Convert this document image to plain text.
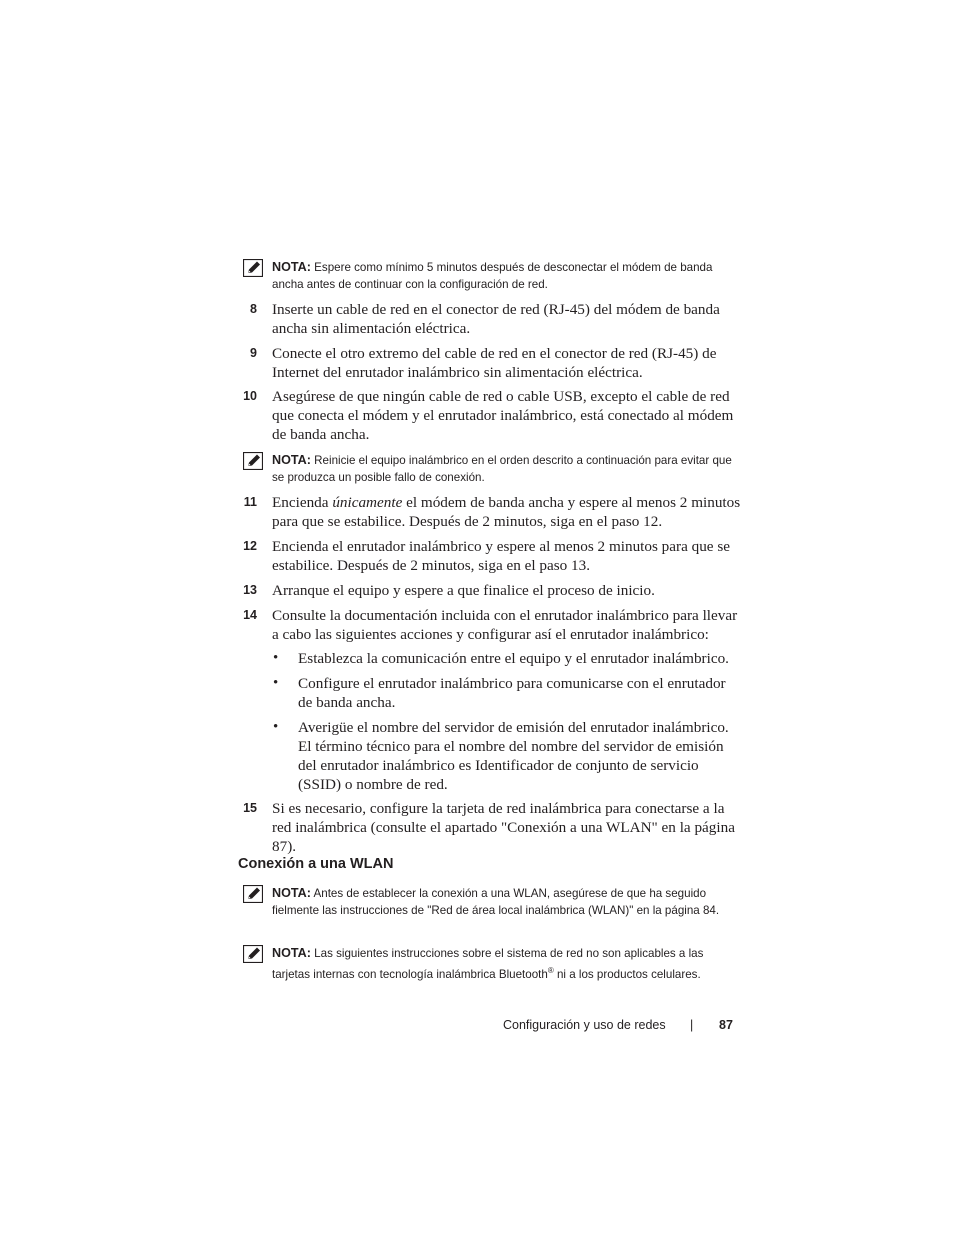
NOTA: Espere como mínimo 5 minutos después de desconectar el módem de banda ancha antes de continuar con la configuración de red.
8 Inserte un cable de red en el conector de red (RJ-45) del módem de banda ancha sin alimentación eléctrica.
9 Conecte el otro extremo del cable de red en el conector de red (RJ-45) de Internet del enrutador inalámbrico sin alimentación eléctrica.
10 Asegúrese de que ningún cable de red o cable USB, excepto el cable de red que conecta el módem y el enrutador inalámbrico, está conectado al módem de banda ancha.
NOTA: Reinicie el equipo inalámbrico en el orden descrito a continuación para evitar que se produzca un posible fallo de conexión.
11 Encienda únicamente el módem de banda ancha y espere al menos 2 minutos para que se estabilice. Después de 2 minutos, siga en el paso 12.
12 Encienda el enrutador inalámbrico y espere al menos 2 minutos para que se estabilice. Después de 2 minutos, siga en el paso 13.
13 Arranque el equipo y espere a que finalice el proceso de inicio.
14 Consulte la documentación incluida con el enrutador inalámbrico para llevar a cabo las siguientes acciones y configurar así el enrutador inalámbrico:
• Establezca la comunicación entre el equipo y el enrutador inalámbrico.
• Configure el enrutador inalámbrico para comunicarse con el enrutador de banda ancha.
• Averigüe el nombre del servidor de emisión del enrutador inalámbrico. El término técnico para el nombre del nombre del servidor de emisión del enrutador inalámbrico es Identificador de conjunto de servicio (SSID) o nombre de red.
15 Si es necesario, configure la tarjeta de red inalámbrica para conectarse a la red inalámbrica (consulte el apartado "Conexión a una WLAN" en la página 87).
Conexión a una WLAN
NOTA: Antes de establecer la conexión a una WLAN, asegúrese de que ha seguido fielmente las instrucciones de "Red de área local inalámbrica (WLAN)" en la página 84.
NOTA: Las siguientes instrucciones sobre el sistema de red no son aplicables a las tarjetas internas con tecnología inalámbrica Bluetooth® ni a los productos celulares.
Configuración y uso de redes | 87
